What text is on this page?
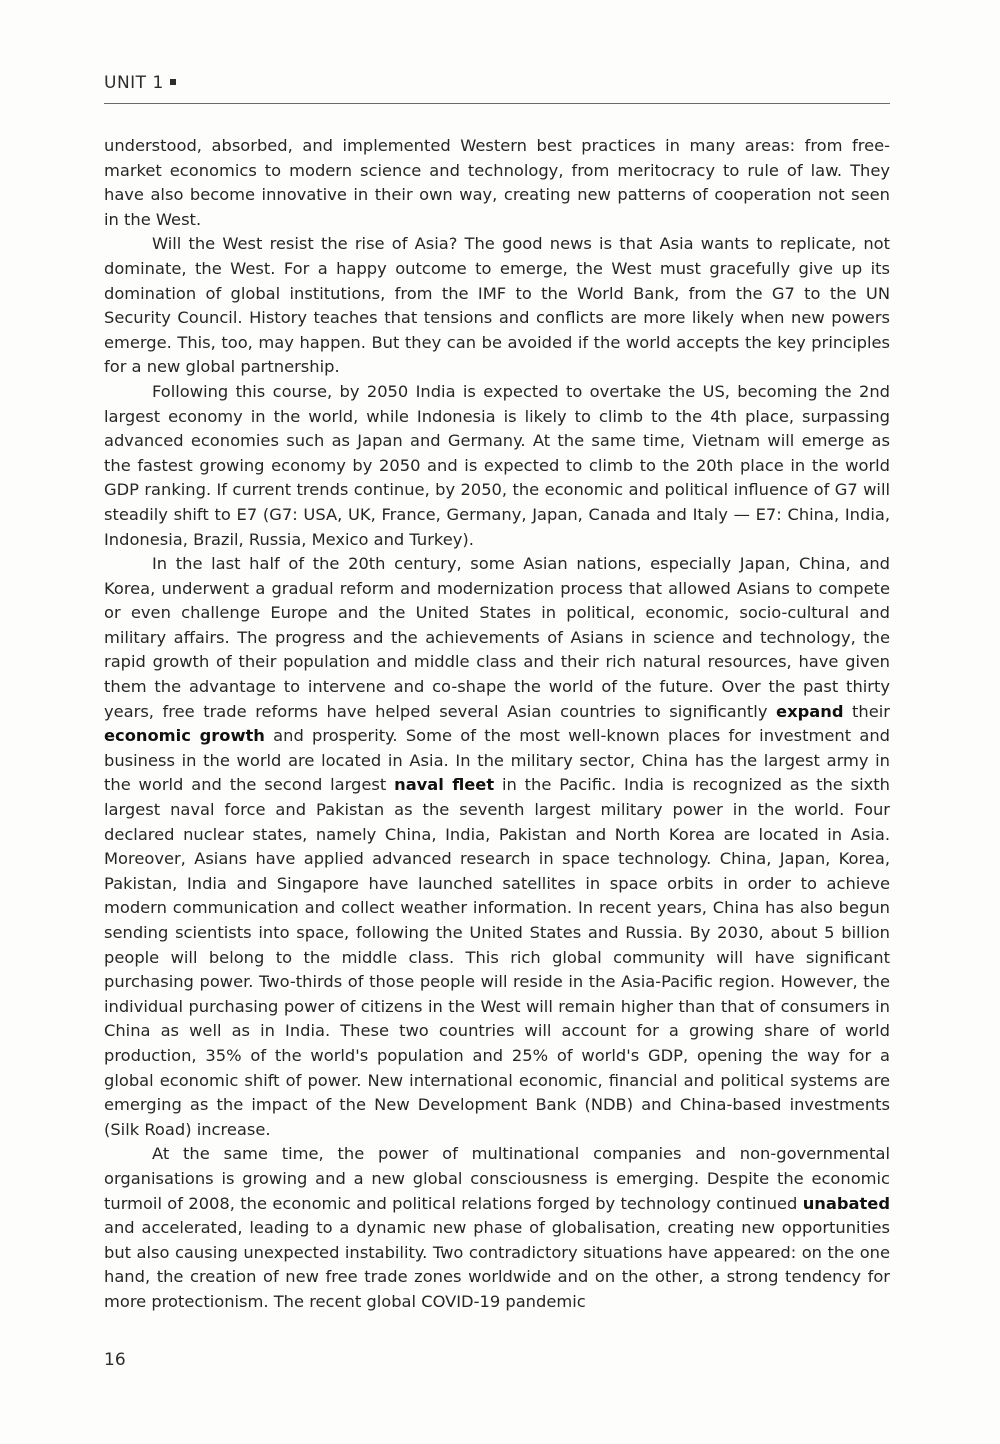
UNIT 1

understood, absorbed, and implemented Western best practices in many areas: from free-market economics to modern science and technology, from meritocracy to rule of law. They have also become innovative in their own way, creating new patterns of cooperation not seen in the West.

Will the West resist the rise of Asia? The good news is that Asia wants to replicate, not dominate, the West. For a happy outcome to emerge, the West must gracefully give up its domination of global institutions, from the IMF to the World Bank, from the G7 to the UN Security Council. History teaches that tensions and conflicts are more likely when new powers emerge. This, too, may happen. But they can be avoided if the world accepts the key principles for a new global partnership.

Following this course, by 2050 India is expected to overtake the US, becoming the 2nd largest economy in the world, while Indonesia is likely to climb to the 4th place, surpassing advanced economies such as Japan and Germany. At the same time, Vietnam will emerge as the fastest growing economy by 2050 and is expected to climb to the 20th place in the world GDP ranking. If current trends continue, by 2050, the economic and political influence of G7 will steadily shift to E7 (G7: USA, UK, France, Germany, Japan, Canada and Italy — E7: China, India, Indonesia, Brazil, Russia, Mexico and Turkey).

In the last half of the 20th century, some Asian nations, especially Japan, China, and Korea, underwent a gradual reform and modernization process that allowed Asians to compete or even challenge Europe and the United States in political, economic, socio-cultural and military affairs. The progress and the achievements of Asians in science and technology, the rapid growth of their population and middle class and their rich natural resources, have given them the advantage to intervene and co-shape the world of the future. Over the past thirty years, free trade reforms have helped several Asian countries to significantly expand their economic growth and prosperity. Some of the most well-known places for investment and business in the world are located in Asia. In the military sector, China has the largest army in the world and the second largest naval fleet in the Pacific. India is recognized as the sixth largest naval force and Pakistan as the seventh largest military power in the world. Four declared nuclear states, namely China, India, Pakistan and North Korea are located in Asia. Moreover, Asians have applied advanced research in space technology. China, Japan, Korea, Pakistan, India and Singapore have launched satellites in space orbits in order to achieve modern communication and collect weather information. In recent years, China has also begun sending scientists into space, following the United States and Russia. By 2030, about 5 billion people will belong to the middle class. This rich global community will have significant purchasing power. Two-thirds of those people will reside in the Asia-Pacific region. However, the individual purchasing power of citizens in the West will remain higher than that of consumers in China as well as in India. These two countries will account for a growing share of world production, 35% of the world's population and 25% of world's GDP, opening the way for a global economic shift of power. New international economic, financial and political systems are emerging as the impact of the New Development Bank (NDB) and China-based investments (Silk Road) increase.

At the same time, the power of multinational companies and non-governmental organisations is growing and a new global consciousness is emerging. Despite the economic turmoil of 2008, the economic and political relations forged by technology continued unabated and accelerated, leading to a dynamic new phase of globalisation, creating new opportunities but also causing unexpected instability. Two contradictory situations have appeared: on the one hand, the creation of new free trade zones worldwide and on the other, a strong tendency for more protectionism. The recent global COVID-19 pandemic

16
